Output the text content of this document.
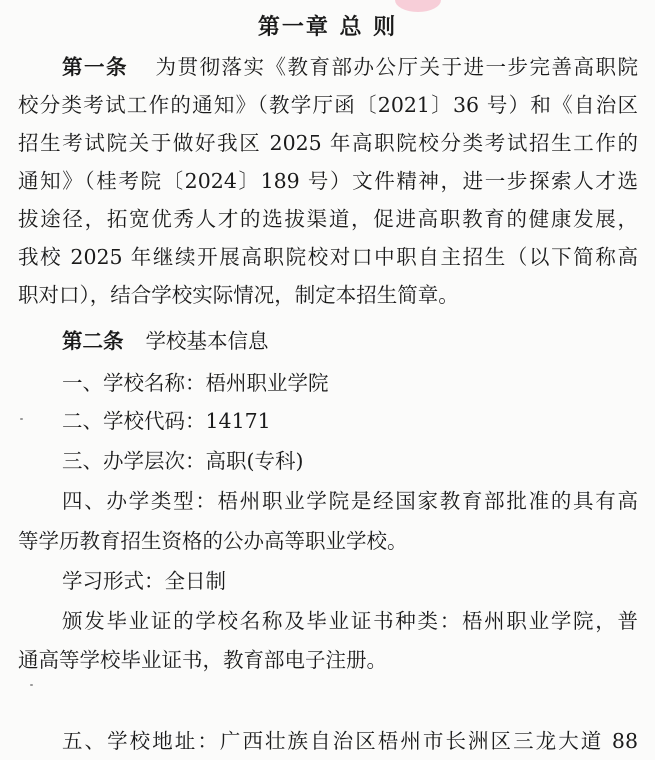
第一章 总 则
第一条 为贯彻落实《教育部办公厅关于进一步完善高职院
校分类考试工作的通知》（教学厅函〔2021〕36 号）和《自治区
招生考试院关于做好我区 2025 年高职院校分类考试招生工作的
通知》（桂考院〔2024〕189 号）文件精神，进一步探索人才选
拔途径，拓宽优秀人才的选拔渠道，促进高职教育的健康发展，
我校 2025 年继续开展高职院校对口中职自主招生（以下简称高
职对口），结合学校实际情况，制定本招生简章。
第二条 学校基本信息
一、学校名称：梧州职业学院
二、学校代码：14171
三、办学层次：高职(专科)
四、办学类型：梧州职业学院是经国家教育部批准的具有高
等学历教育招生资格的公办高等职业学校。
学习形式：全日制
颁发毕业证的学校名称及毕业证书种类：梧州职业学院，普
通高等学校毕业证书，教育部电子注册。
五、学校地址：广西壮族自治区梧州市长洲区三龙大道 88
